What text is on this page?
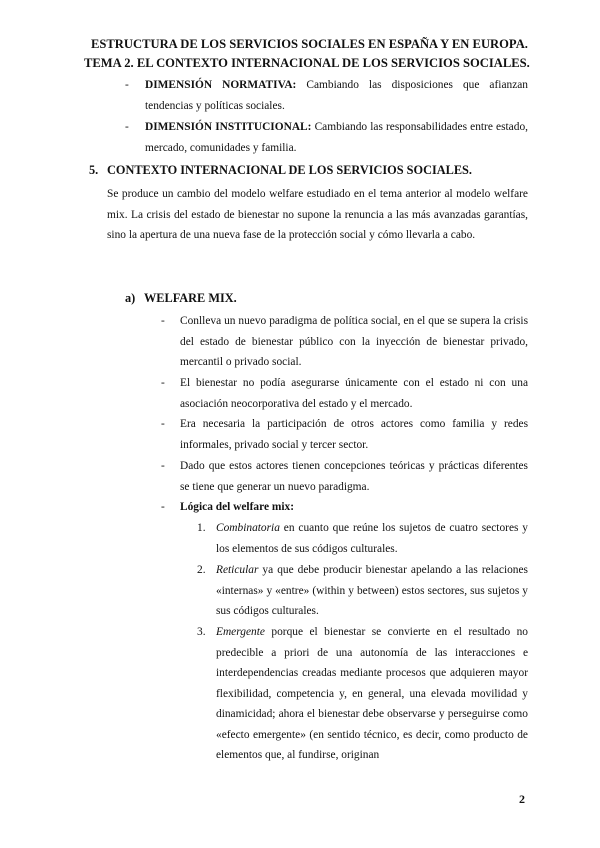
ESTRUCTURA DE LOS SERVICIOS SOCIALES EN ESPAÑA Y EN EUROPA.
TEMA 2. EL CONTEXTO INTERNACIONAL DE LOS SERVICIOS SOCIALES.
- DIMENSIÓN NORMATIVA: Cambiando las disposiciones que afianzan tendencias y políticas sociales.
- DIMENSIÓN INSTITUCIONAL: Cambiando las responsabilidades entre estado, mercado, comunidades y familia.
5. CONTEXTO INTERNACIONAL DE LOS SERVICIOS SOCIALES.
Se produce un cambio del modelo welfare estudiado en el tema anterior al modelo welfare mix. La crisis del estado de bienestar no supone la renuncia a las más avanzadas garantías, sino la apertura de una nueva fase de la protección social y cómo llevarla a cabo.
a) WELFARE MIX.
- Conlleva un nuevo paradigma de política social, en el que se supera la crisis del estado de bienestar público con la inyección de bienestar privado, mercantil o privado social.
- El bienestar no podía asegurarse únicamente con el estado ni con una asociación neocorporativa del estado y el mercado.
- Era necesaria la participación de otros actores como familia y redes informales, privado social y tercer sector.
- Dado que estos actores tienen concepciones teóricas y prácticas diferentes se tiene que generar un nuevo paradigma.
- Lógica del welfare mix:
1. Combinatoria en cuanto que reúne los sujetos de cuatro sectores y los elementos de sus códigos culturales.
2. Reticular ya que debe producir bienestar apelando a las relaciones «internas» y «entre» (within y between) estos sectores, sus sujetos y sus códigos culturales.
3. Emergente porque el bienestar se convierte en el resultado no predecible a priori de una autonomía de las interacciones e interdependencias creadas mediante procesos que adquieren mayor flexibilidad, competencia y, en general, una elevada movilidad y dinamicidad; ahora el bienestar debe observarse y perseguirse como «efecto emergente» (en sentido técnico, es decir, como producto de elementos que, al fundirse, originan
2
